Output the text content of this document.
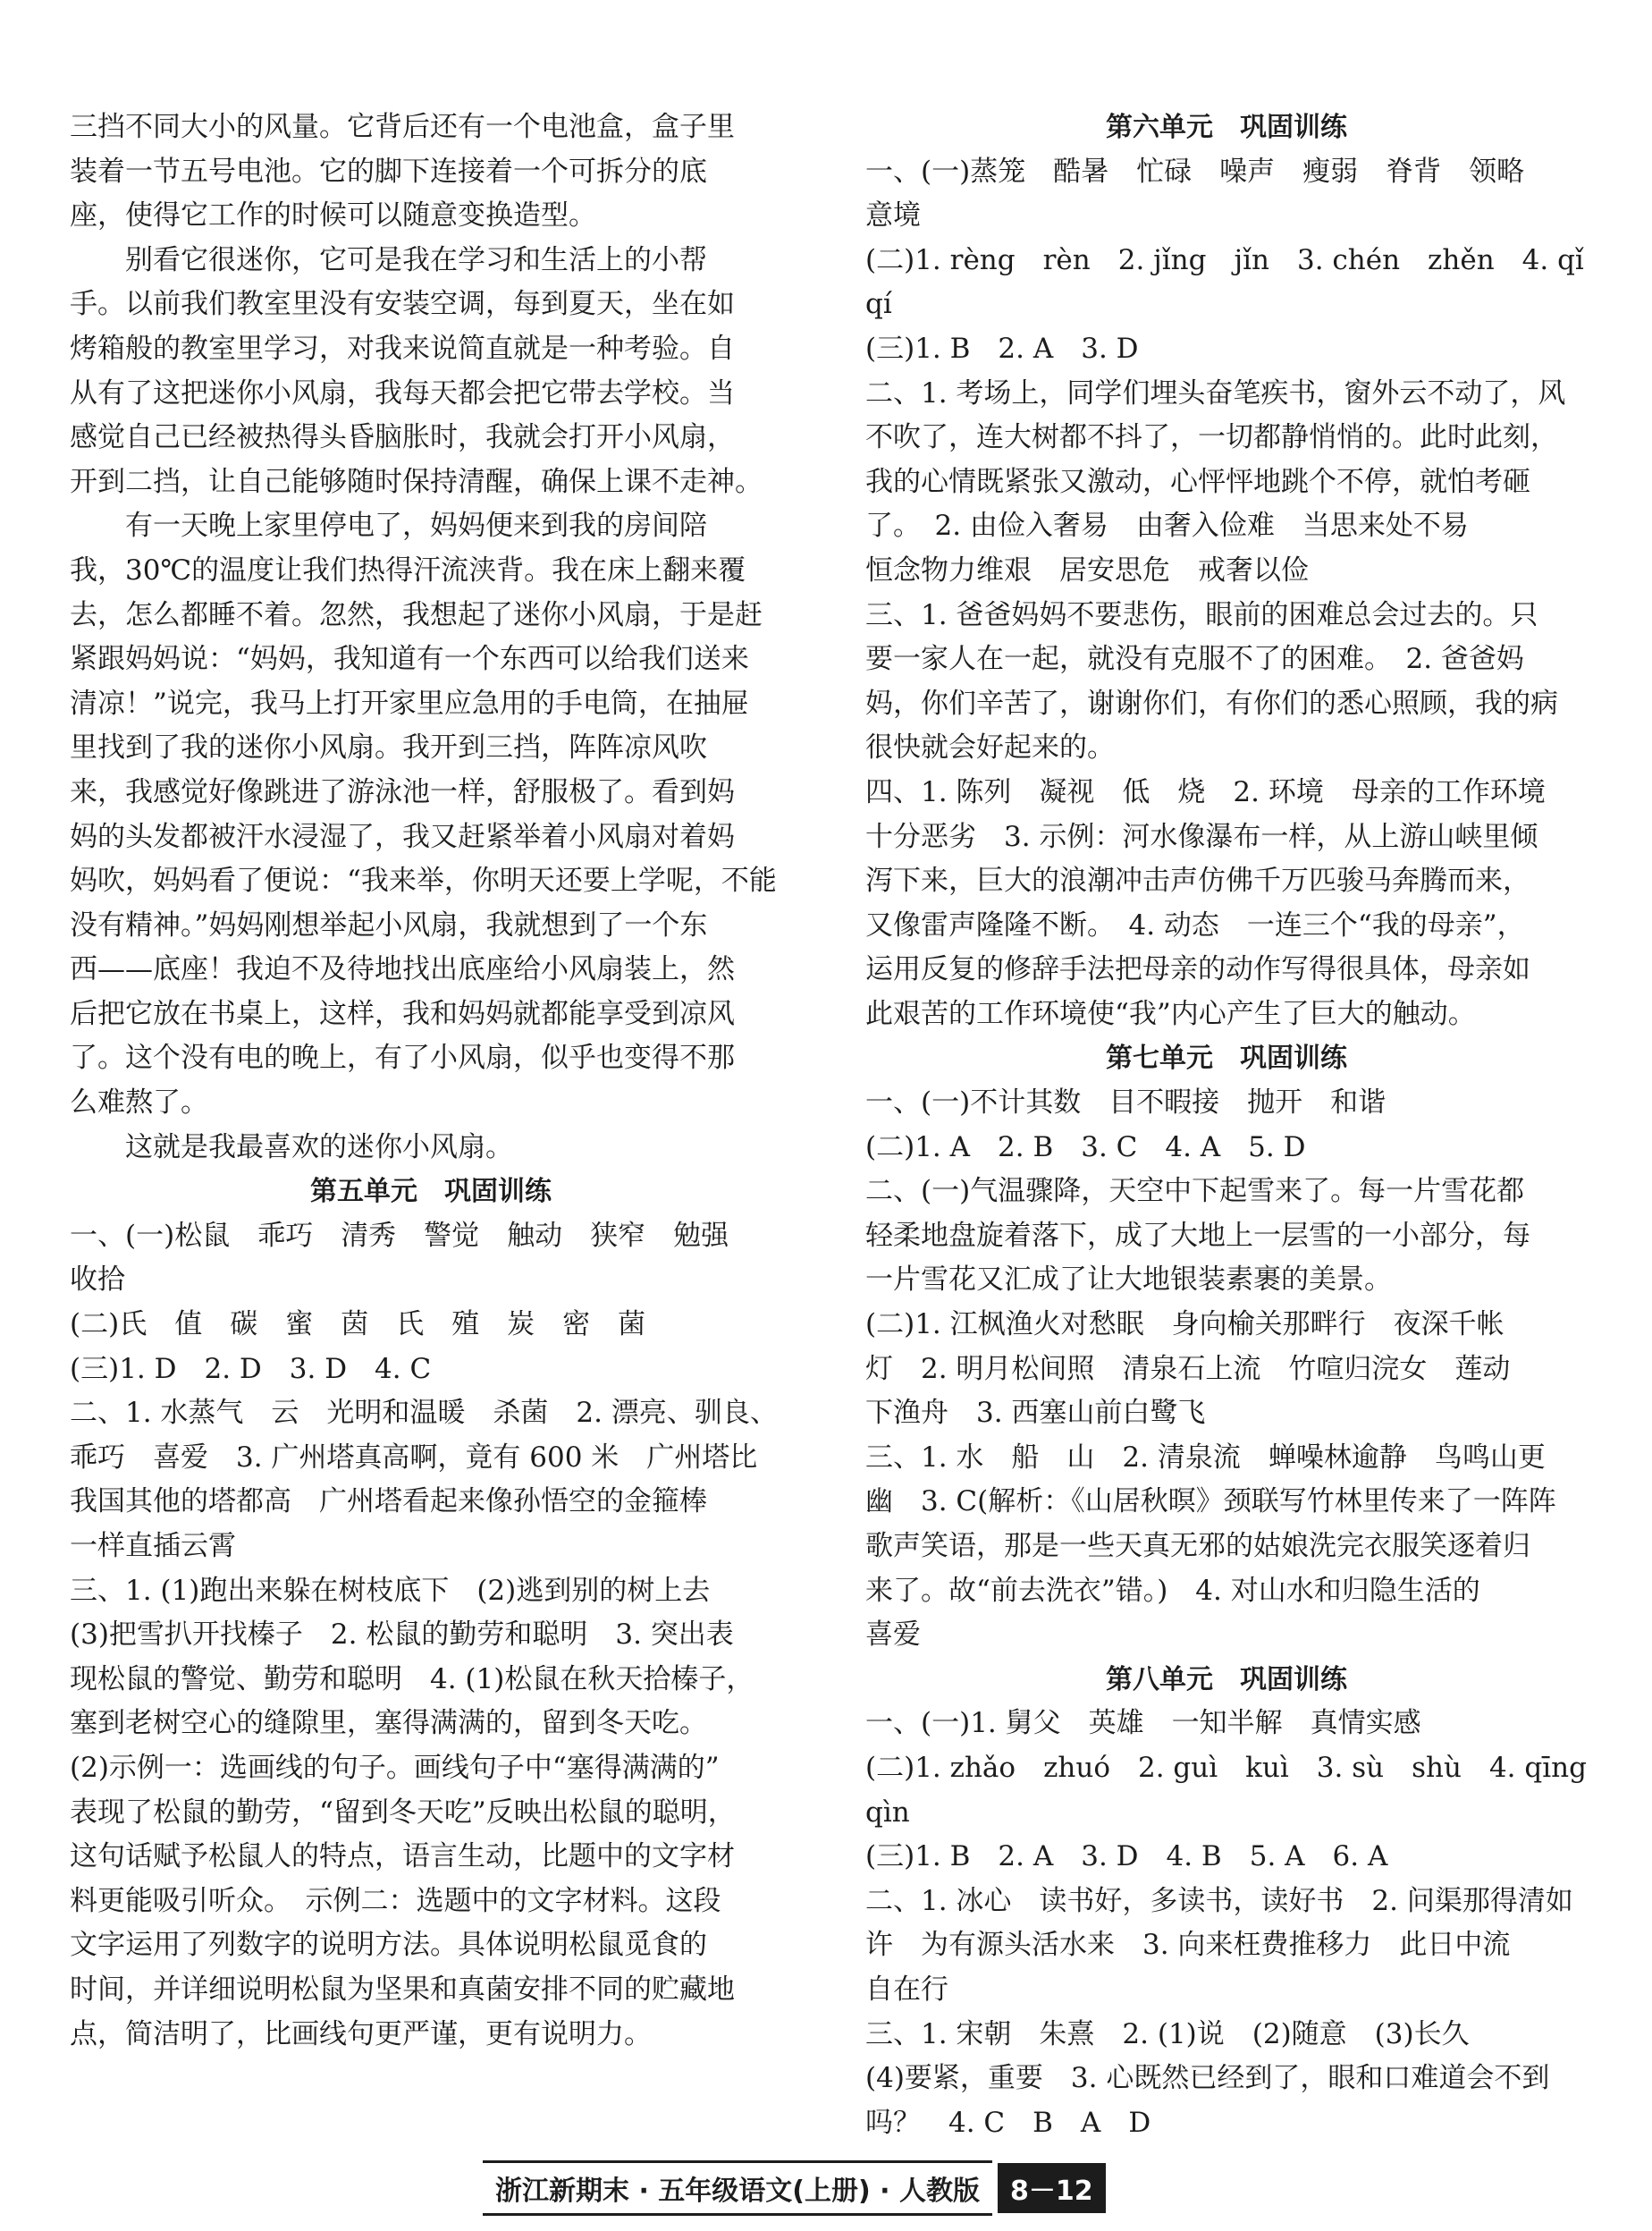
三挡不同大小的风量。它背后还有一个电池盒，盒子里
装着一节五号电池。它的脚下连接着一个可拆分的底
座，使得它工作的时候可以随意变换造型。
别看它很迷你，它可是我在学习和生活上的小帮
手。以前我们教室里没有安装空调，每到夏天，坐在如
烤箱般的教室里学习，对我来说简直就是一种考验。自
从有了这把迷你小风扇，我每天都会把它带去学校。当
感觉自己已经被热得头昏脑胀时，我就会打开小风扇，
开到二挡，让自己能够随时保持清醒，确保上课不走神。
有一天晚上家里停电了，妈妈便来到我的房间陪
我，30℃的温度让我们热得汗流浃背。我在床上翻来覆
去，怎么都睡不着。忽然，我想起了迷你小风扇，于是赶
紧跟妈妈说：“妈妈，我知道有一个东西可以给我们送来
清凉！”说完，我马上打开家里应急用的手电筒，在抽屉
里找到了我的迷你小风扇。我开到三挡，阵阵凉风吹
来，我感觉好像跳进了游泳池一样，舒服极了。看到妈
妈的头发都被汗水浸湿了，我又赶紧举着小风扇对着妈
妈吹，妈妈看了便说：“我来举，你明天还要上学呢，不能
没有精神。”妈妈刚想举起小风扇，我就想到了一个东
西——底座！我迫不及待地找出底座给小风扇装上，然
后把它放在书桌上，这样，我和妈妈就都能享受到凉风
了。这个没有电的晚上，有了小风扇，似乎也变得不那
么难熬了。
这就是我最喜欢的迷你小风扇。
第五单元　巩固训练
一、(一)松鼠　乖巧　清秀　警觉　触动　狭窄　勉强
收拾
(二)氏　值　碳　蜜　茵　氏　殖　炭　密　菌
(三)1. D　2. D　3. D　4. C
二、1. 水蒸气　云　光明和温暖　杀菌　2. 漂亮、驯良、
乖巧　喜爱　3. 广州塔真高啊，竟有 600 米　广州塔比
我国其他的塔都高　广州塔看起来像孙悟空的金箍棒
一样直插云霄
三、1. (1)跑出来躲在树枝底下　(2)逃到别的树上去
(3)把雪扒开找榛子　2. 松鼠的勤劳和聪明　3. 突出表
现松鼠的警觉、勤劳和聪明　4. (1)松鼠在秋天拾榛子，
塞到老树空心的缝隙里，塞得满满的，留到冬天吃。
(2)示例一：选画线的句子。画线句子中“塞得满满的”
表现了松鼠的勤劳，“留到冬天吃”反映出松鼠的聪明，
这句话赋予松鼠人的特点，语言生动，比题中的文字材
料更能吸引听众。　示例二：选题中的文字材料。这段
文字运用了列数字的说明方法。具体说明松鼠觅食的
时间，并详细说明松鼠为坚果和真菌安排不同的贮藏地
点，简洁明了，比画线句更严谨，更有说明力。
第六单元　巩固训练
一、(一)蒸笼　酷暑　忙碌　噪声　瘦弱　脊背　领略
意境
(二)1. rèng　rèn　2. jǐng　jǐn　3. chén　zhěn　4. qǐ
qí
(三)1. B　2. A　3. D
二、1. 考场上，同学们埋头奋笔疾书，窗外云不动了，风
不吹了，连大树都不抖了，一切都静悄悄的。此时此刻，
我的心情既紧张又激动，心怦怦地跳个不停，就怕考砸
了。　2. 由俭入奢易　由奢入俭难　当思来处不易
恒念物力维艰　居安思危　戒奢以俭
三、1. 爸爸妈妈不要悲伤，眼前的困难总会过去的。只
要一家人在一起，就没有克服不了的困难。　2. 爸爸妈
妈，你们辛苦了，谢谢你们，有你们的悉心照顾，我的病
很快就会好起来的。
四、1. 陈列　凝视　低　烧　2. 环境　母亲的工作环境
十分恶劣　3. 示例：河水像瀑布一样，从上游山峡里倾
泻下来，巨大的浪潮冲击声仿佛千万匹骏马奔腾而来，
又像雷声隆隆不断。　4. 动态　一连三个“我的母亲”，
运用反复的修辞手法把母亲的动作写得很具体，母亲如
此艰苦的工作环境使“我”内心产生了巨大的触动。
第七单元　巩固训练
一、(一)不计其数　目不暇接　抛开　和谐
(二)1. A　2. B　3. C　4. A　5. D
二、(一)气温骤降，天空中下起雪来了。每一片雪花都
轻柔地盘旋着落下，成了大地上一层雪的一小部分，每
一片雪花又汇成了让大地银装素裹的美景。
(二)1. 江枫渔火对愁眠　身向榆关那畔行　夜深千帐
灯　2. 明月松间照　清泉石上流　竹喧归浣女　莲动
下渔舟　3. 西塞山前白鹭飞
三、1. 水　船　山　2. 清泉流　蝉噪林逾静　鸟鸣山更
幽　3. C(解析：《山居秋暝》颈联写竹林里传来了一阵阵
歌声笑语，那是一些天真无邪的姑娘洗完衣服笑逐着归
来了。故“前去洗衣”错。)　4. 对山水和归隐生活的
喜爱
第八单元　巩固训练
一、(一)1. 舅父　英雄　一知半解　真情实感
(二)1. zhǎo　zhuó　2. guì　kuì　3. sù　shù　4. qīng
qìn
(三)1. B　2. A　3. D　4. B　5. A　6. A
二、1. 冰心　读书好，多读书，读好书　2. 问渠那得清如
许　为有源头活水来　3. 向来枉费推移力　此日中流
自在行
三、1. 宋朝　朱熹　2. (1)说　(2)随意　(3)长久
(4)要紧，重要　3. 心既然已经到了，眼和口难道会不到
吗？　4. C　B　A　D
浙江新期末 · 五年级语文(上册) · 人教版	8－12
